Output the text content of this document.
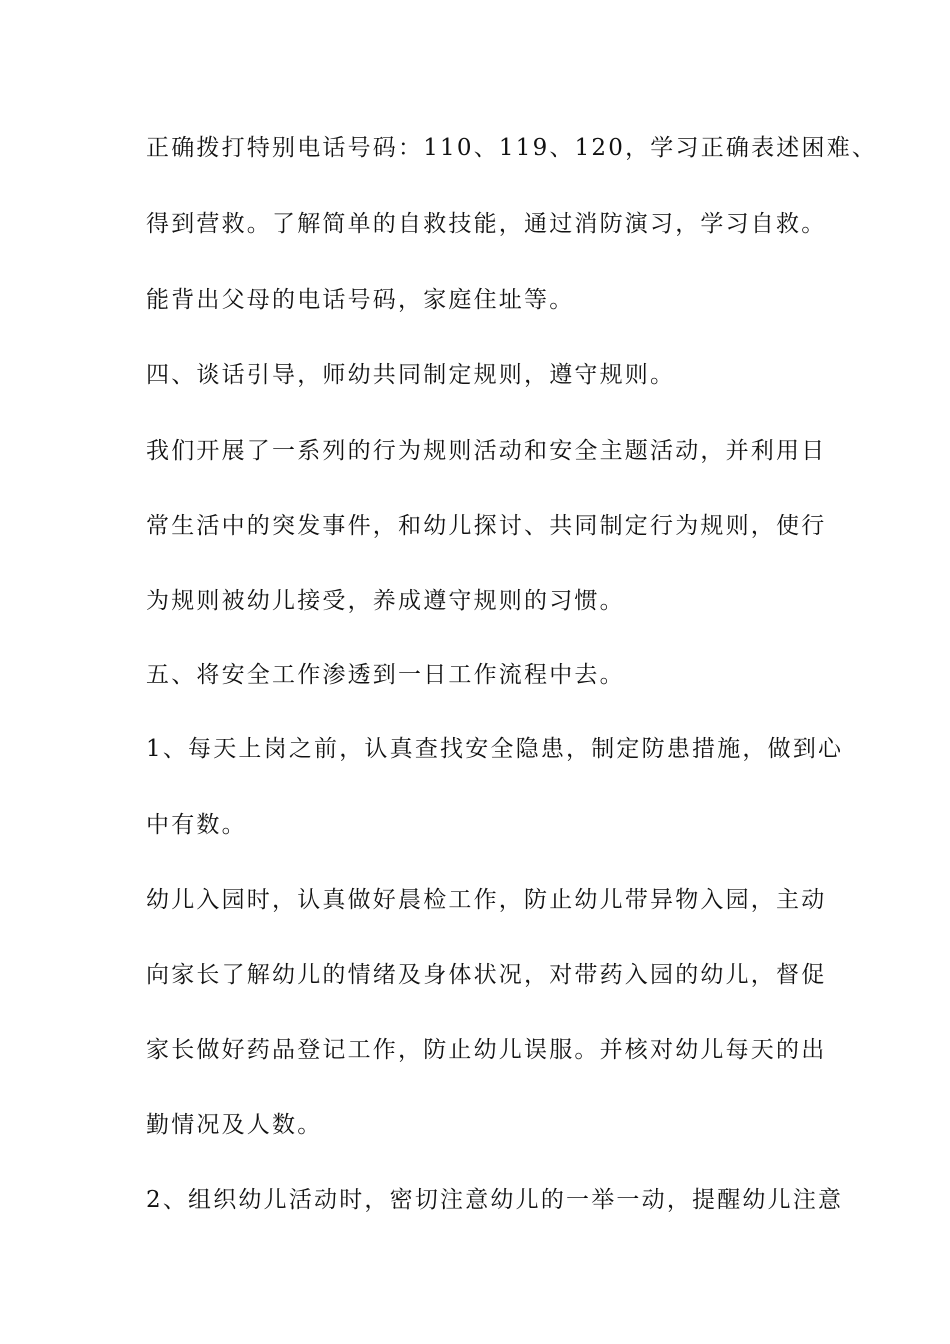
正确拨打特别电话号码：110、119、120，学习正确表述困难、
得到营救。了解简单的自救技能，通过消防演习，学习自救。
能背出父母的电话号码，家庭住址等。
四、谈话引导，师幼共同制定规则，遵守规则。
我们开展了一系列的行为规则活动和安全主题活动，并利用日
常生活中的突发事件，和幼儿探讨、共同制定行为规则，使行
为规则被幼儿接受，养成遵守规则的习惯。
五、将安全工作渗透到一日工作流程中去。
1、每天上岗之前，认真查找安全隐患，制定防患措施，做到心
中有数。
幼儿入园时，认真做好晨检工作，防止幼儿带异物入园，主动
向家长了解幼儿的情绪及身体状况，对带药入园的幼儿，督促
家长做好药品登记工作，防止幼儿误服。并核对幼儿每天的出
勤情况及人数。
2、组织幼儿活动时，密切注意幼儿的一举一动，提醒幼儿注意
